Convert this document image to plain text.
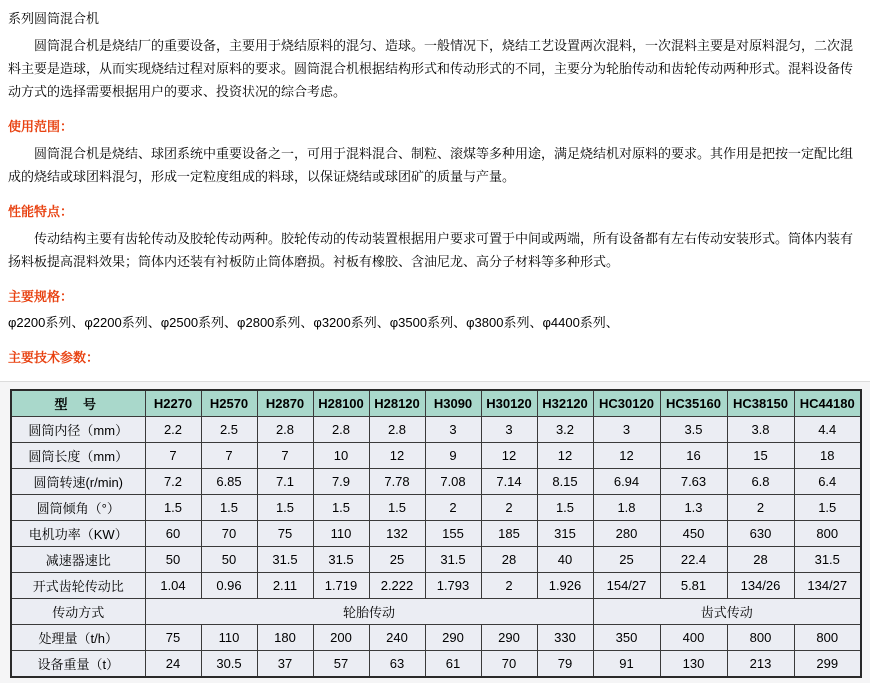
系列圆筒混合机

圆筒混合机是烧结厂的重要设备，主要用于烧结原料的混匀、造球。一般情况下，烧结工艺设置两次混料，一次混料主要是对原料混匀，二次混料主要是造球，从而实现烧结过程对原料的要求。圆筒混合机根据结构形式和传动形式的不同，主要分为轮胎传动和齿轮传动两种形式。混料设备传动方式的选择需要根据用户的要求、投资状况的综合考虑。

使用范围：

圆筒混合机是烧结、球团系统中重要设备之一，可用于混料混合、制粒、滚煤等多种用途，满足烧结机对原料的要求。其作用是把按一定配比组成的烧结或球团料混匀，形成一定粒度组成的料球，以保证烧结或球团矿的质量与产量。

性能特点：

传动结构主要有齿轮传动及胶轮传动两种。胶轮传动的传动装置根据用户要求可置于中间或两端，所有设备都有左右传动安装形式。筒体内装有扬料板提高混料效果；筒体内还装有衬板防止筒体磨损。衬板有橡胶、含油尼龙、高分子材料等多种形式。

主要规格：

φ2200系列、φ2200系列、φ2500系列、φ2800系列、φ3200系列、φ3500系列、φ3800系列、φ4400系列、

主要技术参数：
型 号	H2270	H2570	H2870	H28100	H28120	H3090	H30120	H32120	HC30120	HC35160	HC38150	HC44180
圆筒内径（mm）	2.2	2.5	2.8	2.8	2.8	3	3	3.2	3	3.5	3.8	4.4
圆筒长度（mm）	7	7	7	10	12	9	12	12	12	16	15	18
圆筒转速(r/min)	7.2	6.85	7.1	7.9	7.78	7.08	7.14	8.15	6.94	7.63	6.8	6.4
圆筒倾角（°）	1.5	1.5	1.5	1.5	1.5	2	2	1.5	1.8	1.3	2	1.5
电机功率（KW）	60	70	75	110	132	155	185	315	280	450	630	800
减速器速比	50	50	31.5	31.5	25	31.5	28	40	25	22.4	28	31.5
开式齿轮传动比	1.04	0.96	2.11	1.719	2.222	1.793	2	1.926	154/27	5.81	134/26	134/27
传动方式	轮胎传动								齿式传动			
处理量（t/h）	75	110	180	200	240	290	290	330	350	400	800	800
设备重量（t）	24	30.5	37	57	63	61	70	79	91	130	213	299
